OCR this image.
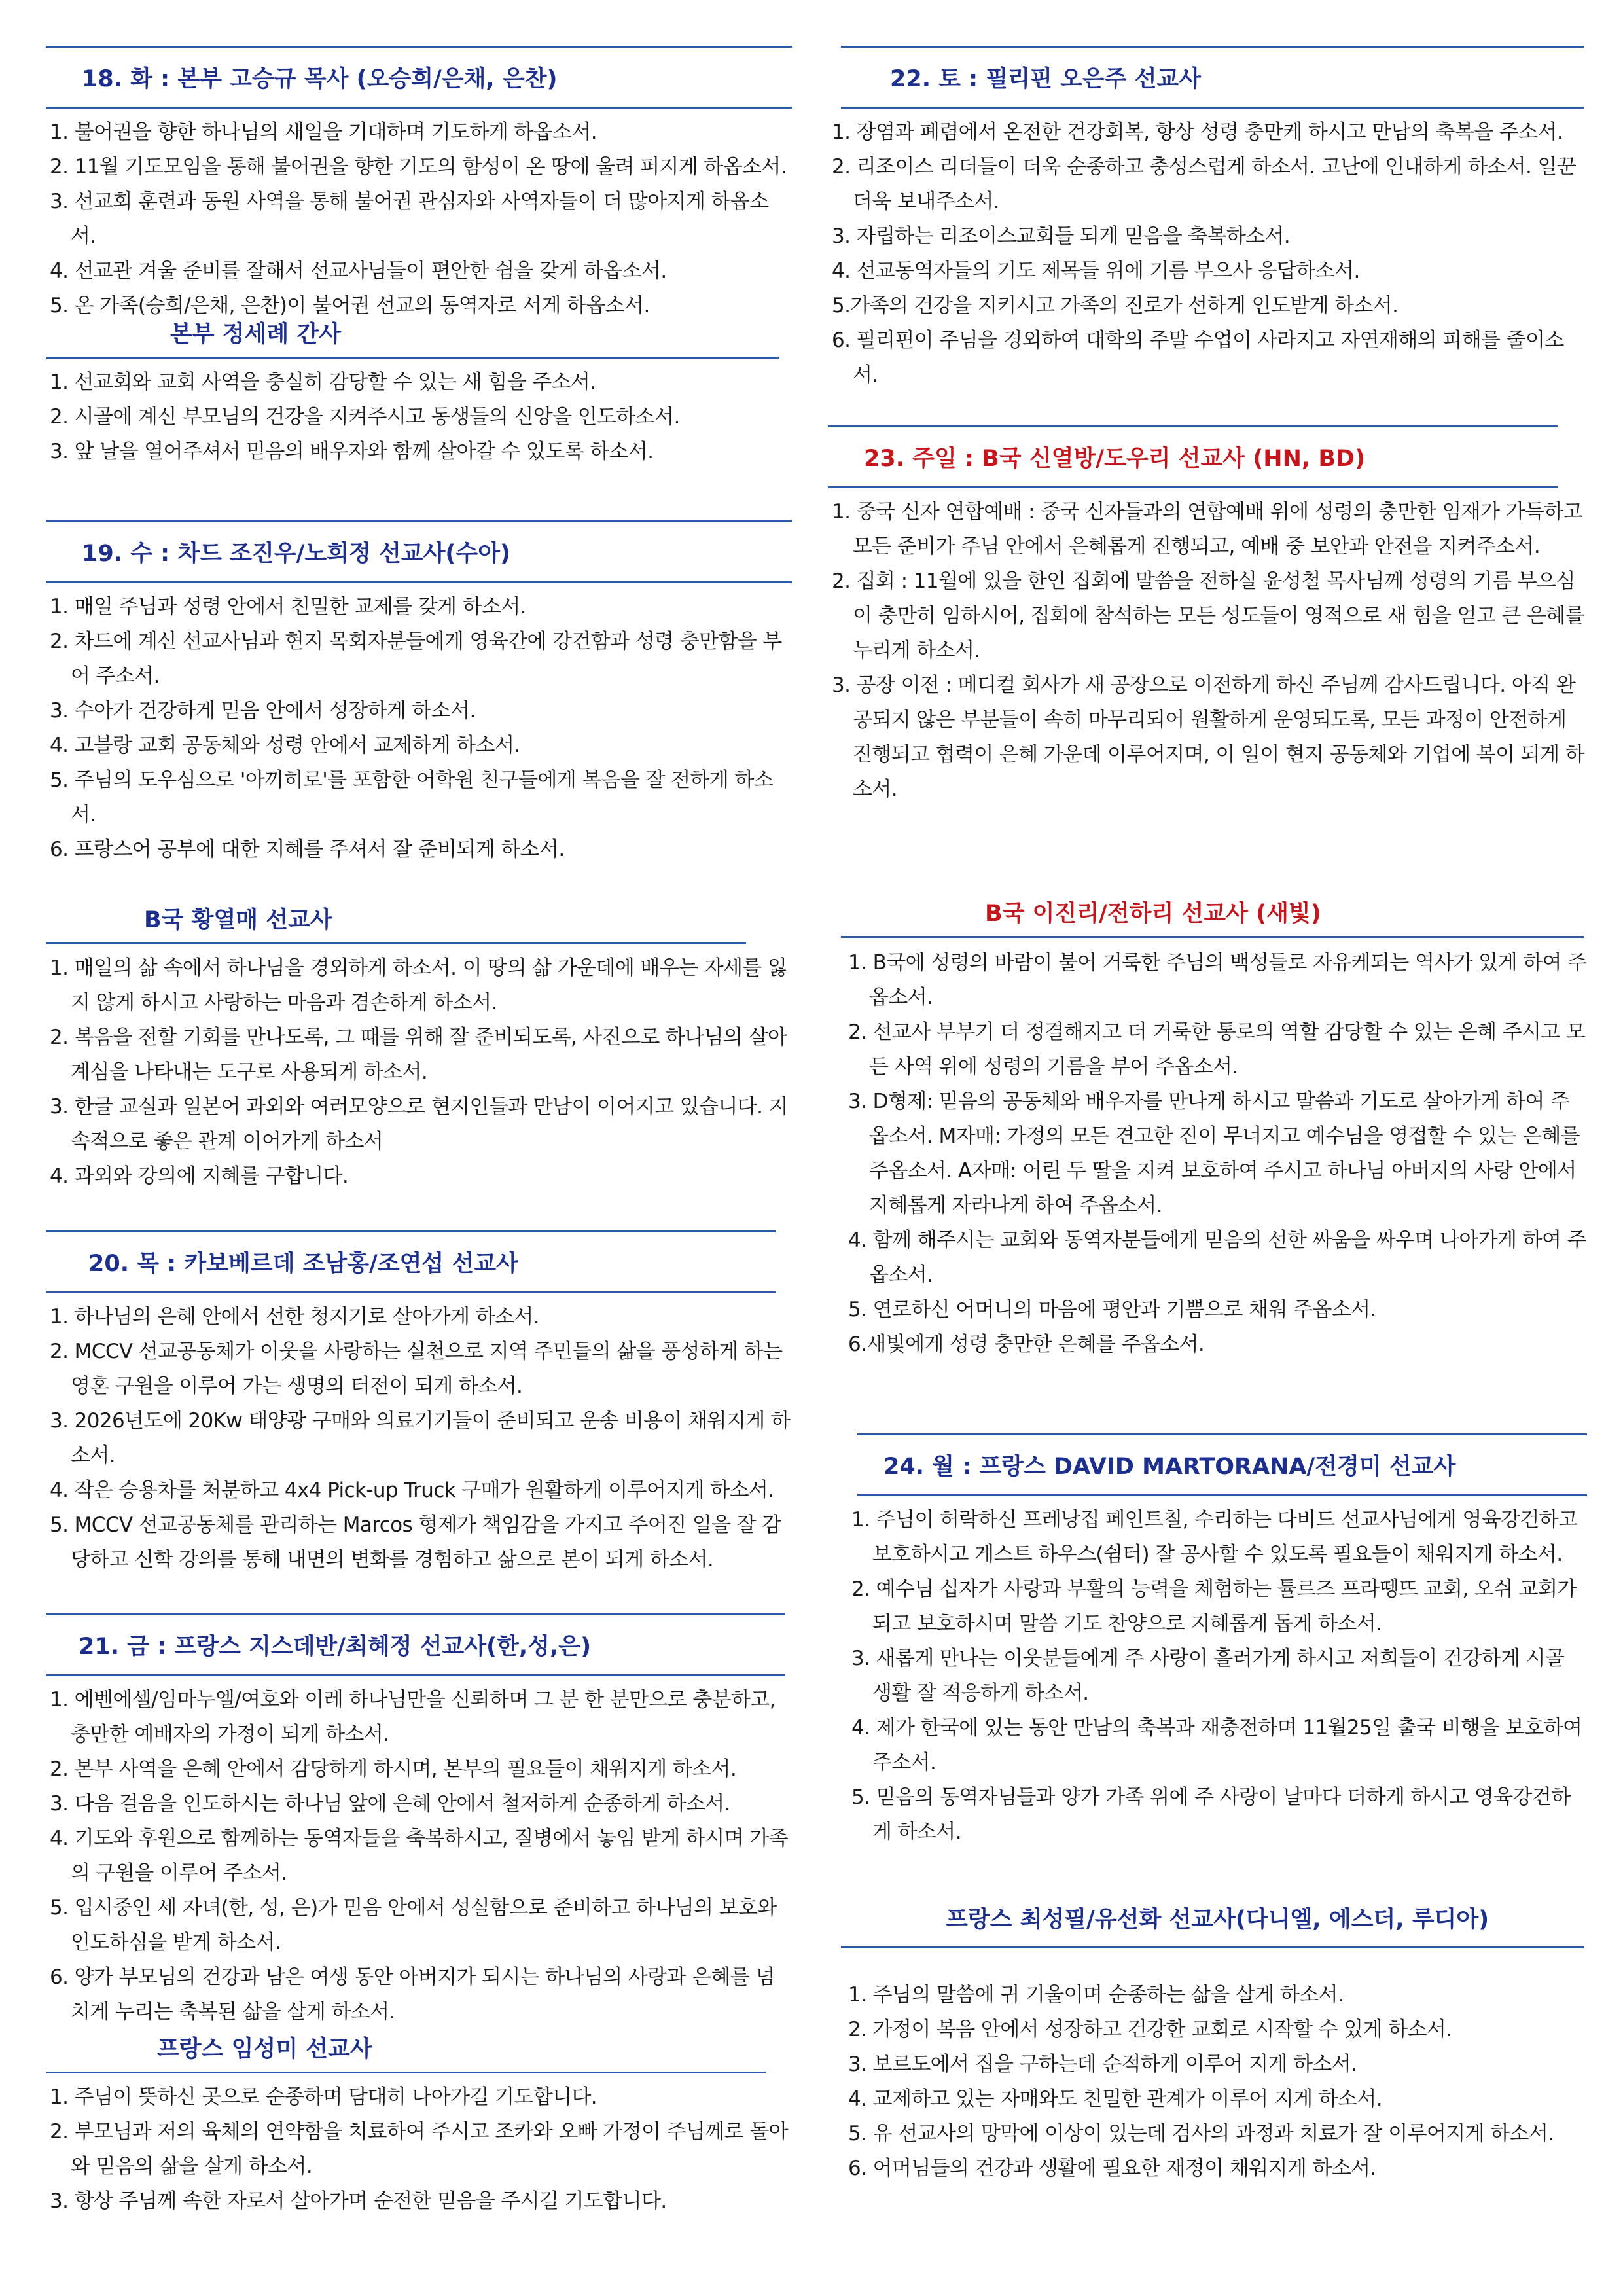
18. 화 : 본부 고승규 목사 (오승희/은채, 은찬)
1. 불어권을 향한 하나님의 새일을 기대하며 기도하게 하옵소서.
2. 11월 기도모임을 통해 불어권을 향한 기도의 함성이 온 땅에 울려 퍼지게 하옵소서.
3. 선교회 훈련과 동원 사역을 통해 불어권 관심자와 사역자들이 더 많아지게 하옵소서.
4. 선교관 겨울 준비를 잘해서 선교사님들이 편안한 쉼을 갖게 하옵소서.
5. 온 가족(승희/은채, 은찬)이 불어권 선교의 동역자로 서게 하옵소서.
본부 정세례 간사
1. 선교회와 교회 사역을 충실히 감당할 수 있는 새 힘을 주소서.
2. 시골에 계신 부모님의 건강을 지켜주시고 동생들의 신앙을 인도하소서.
3. 앞 날을 열어주셔서 믿음의 배우자와 함께 살아갈 수 있도록 하소서.
19. 수 : 차드 조진우/노희정 선교사(수아)
1. 매일 주님과 성령 안에서 친밀한 교제를 갖게 하소서.
2. 차드에 계신 선교사님과 현지 목회자분들에게 영육간에 강건함과 성령 충만함을 부어 주소서.
3. 수아가 건강하게 믿음 안에서 성장하게 하소서.
4. 고블랑 교회 공동체와 성령 안에서 교제하게 하소서.
5. 주님의 도우심으로 '아끼히로'를 포함한 어학원 친구들에게 복음을 잘 전하게 하소서.
6. 프랑스어 공부에 대한 지혜를 주셔서 잘 준비되게 하소서.
B국 황열매 선교사
1. 매일의 삶 속에서 하나님을 경외하게 하소서. 이 땅의 삶 가운데에 배우는 자세를 잃지 않게 하시고 사랑하는 마음과 겸손하게 하소서.
2. 복음을 전할 기회를 만나도록, 그 때를 위해 잘 준비되도록, 사진으로 하나님의 살아계심을 나타내는 도구로 사용되게 하소서.
3. 한글 교실과 일본어 과외와 여러모양으로 현지인들과 만남이 이어지고 있습니다. 지속적으로 좋은 관계 이어가게 하소서
4. 과외와 강의에 지혜를 구합니다.
20. 목 : 카보베르데 조남홍/조연섭 선교사
1. 하나님의 은혜 안에서 선한 청지기로 살아가게 하소서.
2. MCCV 선교공동체가 이웃을 사랑하는 실천으로 지역 주민들의 삶을 풍성하게 하는 영혼 구원을 이루어 가는 생명의 터전이 되게 하소서.
3. 2026년도에 20Kw 태양광 구매와 의료기기들이 준비되고 운송 비용이 채워지게 하소서.
4. 작은 승용차를 처분하고 4x4 Pick-up Truck 구매가 원활하게 이루어지게 하소서.
5. MCCV 선교공동체를 관리하는 Marcos 형제가 책임감을 가지고 주어진 일을 잘 감당하고 신학 강의를 통해 내면의 변화를 경험하고 삶으로 본이 되게 하소서.
21. 금 : 프랑스 지스데반/최혜정 선교사(한,성,은)
1. 에벤에셀/임마누엘/여호와 이레 하나님만을 신뢰하며 그 분 한 분만으로 충분하고, 충만한 예배자의 가정이 되게 하소서.
2. 본부 사역을 은혜 안에서 감당하게 하시며, 본부의 필요들이 채워지게 하소서.
3. 다음 걸음을 인도하시는 하나님 앞에 은혜 안에서 철저하게 순종하게 하소서.
4. 기도와 후원으로 함께하는 동역자들을 축복하시고, 질병에서 놓임 받게 하시며 가족의 구원을 이루어 주소서.
5. 입시중인 세 자녀(한, 성, 은)가 믿음 안에서 성실함으로 준비하고 하나님의 보호와 인도하심을 받게 하소서.
6. 양가 부모님의 건강과 남은 여생 동안 아버지가 되시는 하나님의 사랑과 은혜를 넘치게 누리는 축복된 삶을 살게 하소서.
프랑스 임성미 선교사
1. 주님이 뜻하신 곳으로 순종하며 담대히 나아가길 기도합니다.
2. 부모님과 저의 육체의 연약함을 치료하여 주시고 조카와 오빠 가정이 주님께로 돌아와 믿음의 삶을 살게 하소서.
3. 항상 주님께 속한 자로서 살아가며 순전한 믿음을 주시길 기도합니다.
22. 토 : 필리핀 오은주 선교사
1. 장염과 폐렴에서 온전한 건강회복, 항상 성령 충만케 하시고 만남의 축복을 주소서.
2. 리조이스 리더들이 더욱 순종하고 충성스럽게 하소서. 고난에 인내하게 하소서. 일꾼 더욱 보내주소서.
3. 자립하는 리조이스교회들 되게 믿음을 축복하소서.
4. 선교동역자들의 기도 제목들 위에 기름 부으사 응답하소서.
5.가족의 건강을 지키시고 가족의 진로가 선하게 인도받게 하소서.
6. 필리핀이 주님을 경외하여 대학의 주말 수업이 사라지고 자연재해의 피해를 줄이소서.
23. 주일 : B국 신열방/도우리 선교사 (HN, BD)
1. 중국 신자 연합예배 : 중국 신자들과의 연합예배 위에 성령의 충만한 임재가 가득하고 모든 준비가 주님 안에서 은혜롭게 진행되고, 예배 중 보안과 안전을 지켜주소서.
2. 집회 : 11월에 있을 한인 집회에 말씀을 전하실 윤성철 목사님께 성령의 기름 부으심이 충만히 임하시어, 집회에 참석하는 모든 성도들이 영적으로 새 힘을 얻고 큰 은혜를 누리게 하소서.
3. 공장 이전 : 메디컬 회사가 새 공장으로 이전하게 하신 주님께 감사드립니다. 아직 완공되지 않은 부분들이 속히 마무리되어 원활하게 운영되도록, 모든 과정이 안전하게 진행되고 협력이 은혜 가운데 이루어지며, 이 일이 현지 공동체와 기업에 복이 되게 하소서.
B국 이진리/전하리 선교사 (새빛)
1. B국에 성령의 바람이 불어 거룩한 주님의 백성들로 자유케되는 역사가 있게 하여 주옵소서.
2. 선교사 부부기 더 정결해지고 더 거룩한 통로의 역할 감당할 수 있는 은혜 주시고 모든 사역 위에 성령의 기름을 부어 주옵소서.
3. D형제: 믿음의 공동체와 배우자를 만나게 하시고 말씀과 기도로 살아가게 하여 주옵소서. M자매: 가정의 모든 견고한 진이 무너지고 예수님을 영접할 수 있는 은혜를 주옵소서. A자매: 어린 두 딸을 지켜 보호하여 주시고 하나님 아버지의 사랑 안에서 지혜롭게 자라나게 하여 주옵소서.
4. 함께 해주시는 교회와 동역자분들에게 믿음의 선한 싸움을 싸우며 나아가게 하여 주옵소서.
5. 연로하신 어머니의 마음에 평안과 기쁨으로 채워 주옵소서.
6.새빛에게 성령 충만한 은혜를 주옵소서.
24. 월 : 프랑스 DAVID MARTORANA/전경미 선교사
1. 주님이 허락하신 프레낭집 페인트칠, 수리하는 다비드 선교사님에게 영육강건하고 보호하시고 게스트 하우스(쉼터) 잘 공사할 수 있도록 필요들이 채워지게 하소서.
2. 예수님 십자가 사랑과 부활의 능력을 체험하는 튤르즈 프라뗑뜨 교회, 오쉬 교회가 되고 보호하시며 말씀 기도 찬양으로 지혜롭게 돕게 하소서.
3. 새롭게 만나는 이웃분들에게 주 사랑이 흘러가게 하시고 저희들이 건강하게 시골 생활 잘 적응하게 하소서.
4. 제가 한국에 있는 동안 만남의 축복과 재충전하며 11월25일 출국 비행을 보호하여 주소서.
5. 믿음의 동역자님들과 양가 가족 위에 주 사랑이 날마다 더하게 하시고 영육강건하게 하소서.
프랑스 최성필/유선화 선교사(다니엘, 에스더, 루디아)
1. 주님의 말씀에 귀 기울이며 순종하는 삶을 살게 하소서.
2. 가정이 복음 안에서 성장하고 건강한 교회로 시작할 수 있게 하소서.
3. 보르도에서 집을 구하는데 순적하게 이루어 지게 하소서.
4. 교제하고 있는 자매와도 친밀한 관계가 이루어 지게 하소서.
5. 유 선교사의 망막에 이상이 있는데 검사의 과정과 치료가 잘 이루어지게 하소서.
6. 어머님들의 건강과 생활에 필요한 재정이 채워지게 하소서.
